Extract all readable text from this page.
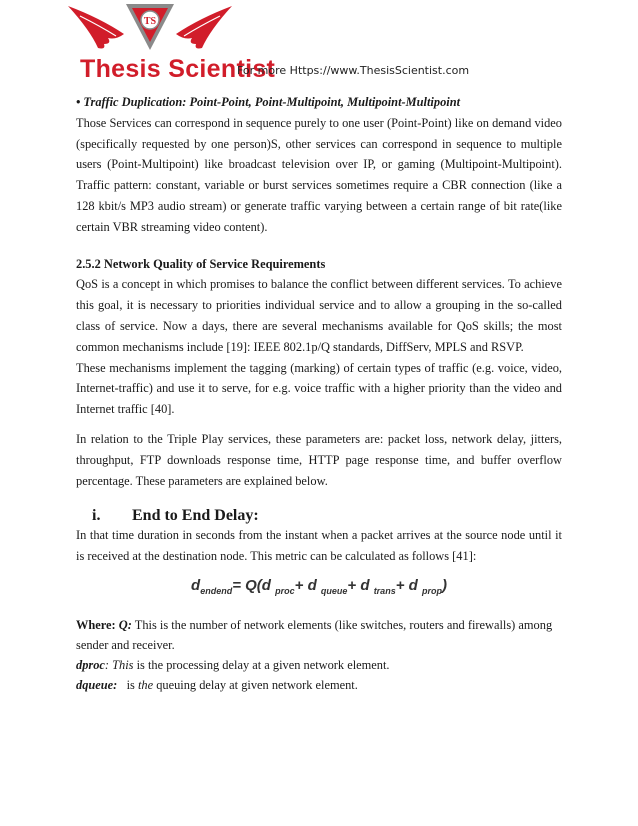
TS
Thesis Scientist
For more Https://www.ThesisScientist.com

• Traffic Duplication: Point-Point, Point-Multipoint, Multipoint-Multipoint

Those Services can correspond in sequence purely to one user (Point-Point) like on demand video (specifically requested by one person)S, other services can correspond in sequence to multiple users (Point-Multipoint) like broadcast television over IP, or gaming (Multipoint-Multipoint). Traffic pattern: constant, variable or burst services sometimes require a CBR connection (like a 128 kbit/s MP3 audio stream) or generate traffic varying between a certain range of bit rate(like certain VBR streaming video content).

2.5.2 Network Quality of Service Requirements

QoS is a concept in which promises to balance the conflict between different services. To achieve this goal, it is necessary to priorities individual service and to allow a grouping in the so-called class of service. Now a days, there are several mechanisms available for QoS skills; the most common mechanisms include [19]: IEEE 802.1p/Q standards, DiffServ, MPLS and RSVP.

These mechanisms implement the tagging (marking) of certain types of traffic (e.g. voice, video, Internet-traffic) and use it to serve, for e.g. voice traffic with a higher priority than the video and Internet traffic [40].

In relation to the Triple Play services, these parameters are: packet loss, network delay, jitters, throughput, FTP downloads response time, HTTP page response time, and buffer overflow percentage. These parameters are explained below.

i.	End to End Delay:

In that time duration in seconds from the instant when a packet arrives at the source node until it is received at the destination node. This metric can be calculated as follows [41]:

$d_{endend}= Q(d$ $_{proc}$+ d $_{queue}$+ d $_{trans}$+ d $_{prop}$)

Where: Q: This is the number of network elements (like switches, routers and firewalls) among sender and receiver.

dproc: This is the processing delay at a given network element.

dqueue:   is the queuing delay at given network element.
